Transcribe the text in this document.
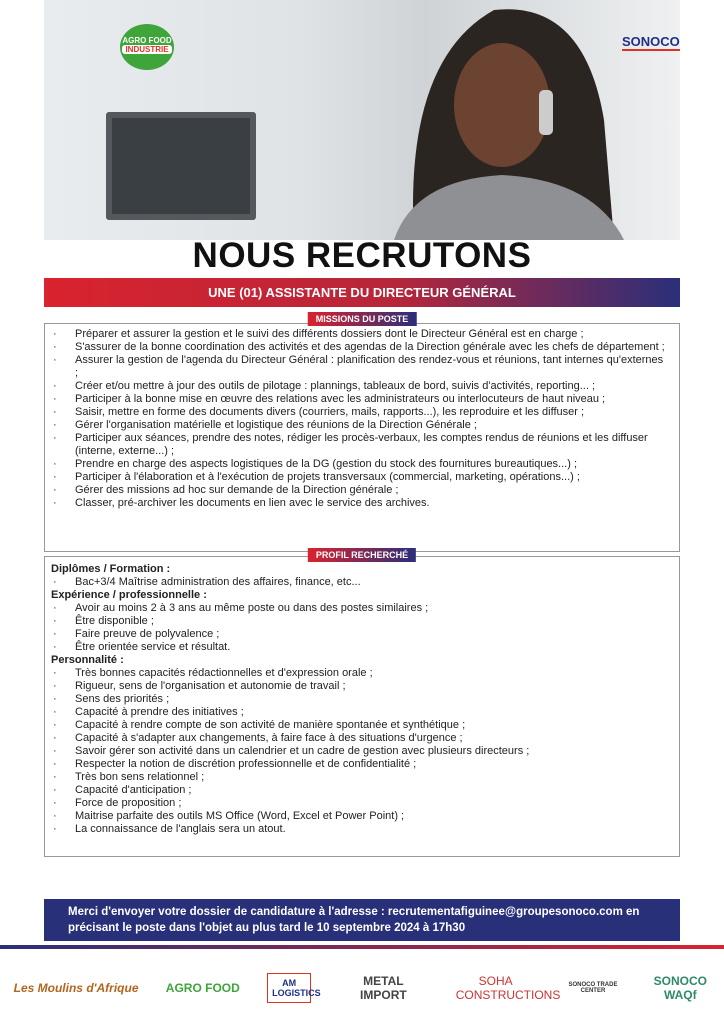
AGRO FOOD
INDUSTRIE
SONOCO
NOUS RECRUTONS
UNE (01) ASSISTANTE DU DIRECTEUR GÉNÉRAL
MISSIONS DU POSTE
· Préparer et assurer la gestion et le suivi des différents dossiers dont le Directeur Général est en charge ;
· S'assurer de la bonne coordination des activités et des agendas de la Direction générale avec les chefs de département ;
· Assurer la gestion de l'agenda du Directeur Général : planification des rendez-vous et réunions, tant internes qu'externes ;
· Créer et/ou mettre à jour des outils de pilotage : plannings, tableaux de bord, suivis d'activités, reporting... ;
· Participer à la bonne mise en œuvre des relations avec les administrateurs ou interlocuteurs de haut niveau ;
· Saisir, mettre en forme des documents divers (courriers, mails, rapports...), les reproduire et les diffuser ;
· Gérer l'organisation matérielle et logistique des réunions de la Direction Générale ;
· Participer aux séances, prendre des notes, rédiger les procès-verbaux, les comptes rendus de réunions et les diffuser (interne, externe...) ;
· Prendre en charge des aspects logistiques de la DG (gestion du stock des fournitures bureautiques...) ;
· Participer à l'élaboration et à l'exécution de projets transversaux (commercial, marketing, opérations...) ;
· Gérer des missions ad hoc sur demande de la Direction générale ;
· Classer, pré-archiver les documents en lien avec le service des archives.
PROFIL RECHERCHÉ
Diplômes / Formation :
· Bac+3/4 Maîtrise administration des affaires, finance, etc...
Expérience / professionnelle :
· Avoir au moins 2 à 3 ans au même poste ou dans des postes similaires ;
· Être disponible ;
· Faire preuve de polyvalence ;
· Être orientée service et résultat.
Personnalité :
· Très bonnes capacités rédactionnelles et d'expression orale ;
· Rigueur, sens de l'organisation et autonomie de travail ;
· Sens des priorités ;
· Capacité à prendre des initiatives ;
· Capacité à rendre compte de son activité de manière spontanée et synthétique ;
· Capacité à s'adapter aux changements, à faire face à des situations d'urgence ;
· Savoir gérer son activité dans un calendrier et un cadre de gestion avec plusieurs directeurs ;
· Respecter la notion de discrétion professionnelle et de confidentialité ;
· Très bon sens relationnel ;
· Capacité d'anticipation ;
· Force de proposition ;
· Maitrise parfaite des outils MS Office (Word, Excel et Power Point) ;
· La connaissance de l'anglais sera un atout.
Merci d'envoyer votre dossier de candidature à l'adresse : recrutementafiguinee@groupesonoco.com en précisant le poste dans l'objet au plus tard le 10 septembre 2024 à 17h30
Les Moulins d'Afrique AGRO FOOD	AM LOGISTICS
METAL IMPORT
SOHA CONSTRUCTIONS
SONOCO TRADE CENTER
SONOCO WAQf
